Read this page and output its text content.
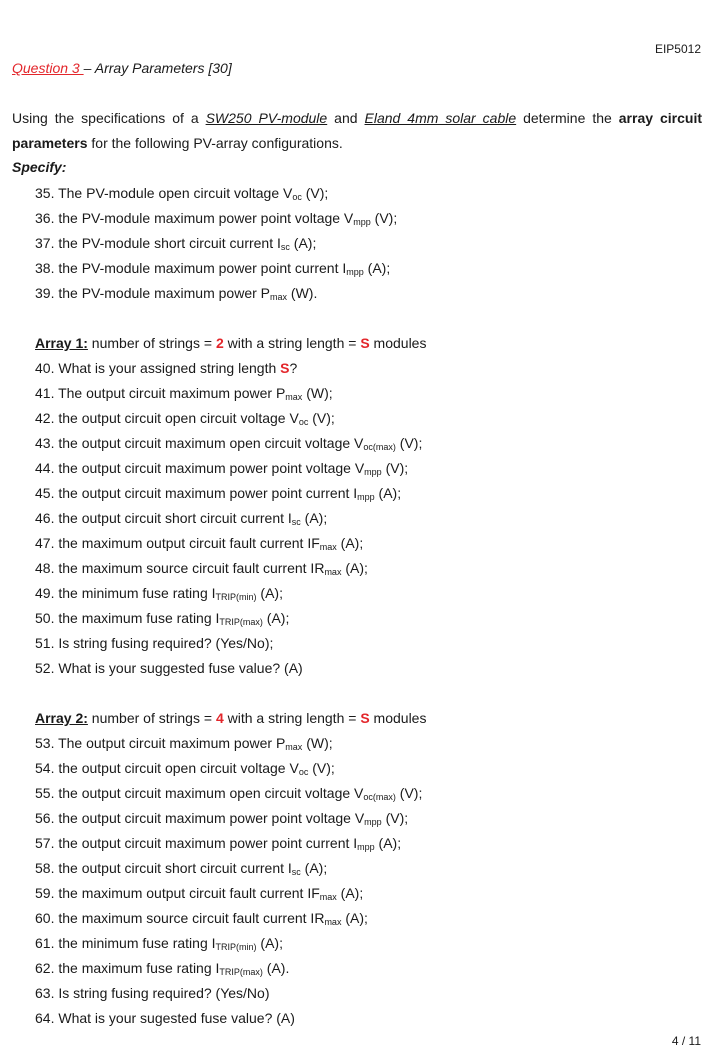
EIP5012
Question 3 – Array Parameters [30]
Using the specifications of a SW250 PV-module and Eland 4mm solar cable determine the array circuit parameters for the following PV-array configurations.
Specify:
35. The PV-module open circuit voltage $V_{oc}$ (V);
36. the PV-module maximum power point voltage $V_{mpp}$ (V);
37. the PV-module short circuit current $I_{sc}$ (A);
38. the PV-module maximum power point current $I_{mpp}$ (A);
39. the PV-module maximum power $P_{max}$ (W).
Array 1: number of strings = 2 with a string length = S modules
40. What is your assigned string length S?
41. The output circuit maximum power $P_{max}$ (W);
42. the output circuit open circuit voltage $V_{oc}$ (V);
43. the output circuit maximum open circuit voltage $V_{oc(max)}$ (V);
44. the output circuit maximum power point voltage $V_{mpp}$ (V);
45. the output circuit maximum power point current $I_{mpp}$ (A);
46. the output circuit short circuit current $I_{sc}$ (A);
47. the maximum output circuit fault current $IF_{max}$ (A);
48. the maximum source circuit fault current $IR_{max}$ (A);
49. the minimum fuse rating $I_{TRIP(min)}$ (A);
50. the maximum fuse rating $I_{TRIP(max)}$ (A);
51. Is string fusing required? (Yes/No);
52. What is your suggested fuse value? (A)
Array 2: number of strings = 4 with a string length = S modules
53. The output circuit maximum power $P_{max}$ (W);
54. the output circuit open circuit voltage $V_{oc}$ (V);
55. the output circuit maximum open circuit voltage $V_{oc(max)}$ (V);
56. the output circuit maximum power point voltage $V_{mpp}$ (V);
57. the output circuit maximum power point current $I_{mpp}$ (A);
58. the output circuit short circuit current $I_{sc}$ (A);
59. the maximum output circuit fault current $IF_{max}$ (A);
60. the maximum source circuit fault current $IR_{max}$ (A);
61. the minimum fuse rating $I_{TRIP(min)}$ (A);
62. the maximum fuse rating $I_{TRIP(max)}$ (A).
63. Is string fusing required? (Yes/No)
64. What is your sugested fuse value? (A)
4 / 11
